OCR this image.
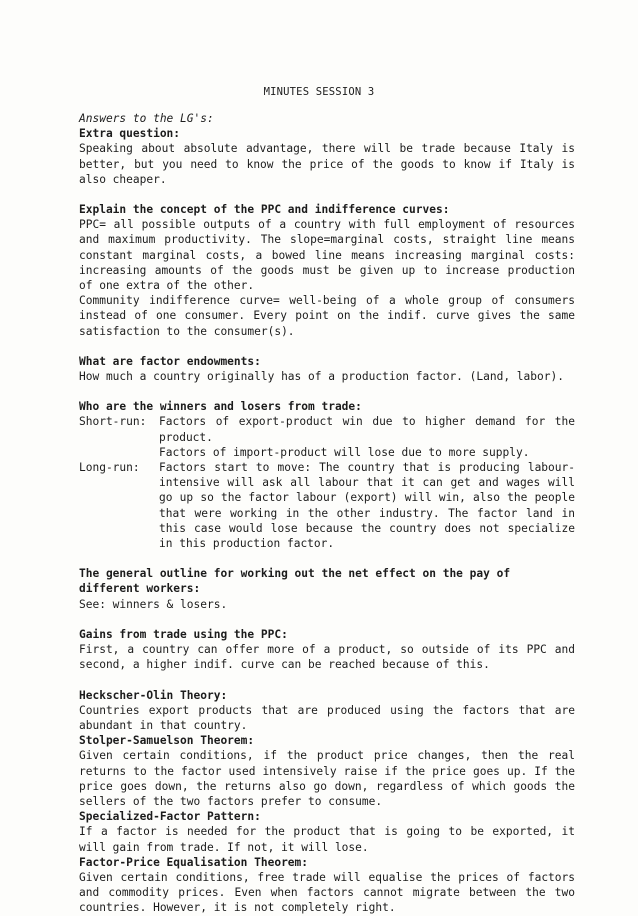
MINUTES SESSION 3

Answers to the LG's:

Extra question:

Speaking about absolute advantage, there will be trade because Italy is better, but you need to know the price of the goods to know if Italy is also cheaper.

Explain the concept of the PPC and indifference curves:

PPC= all possible outputs of a country with full employment of resources and maximum productivity. The slope=marginal costs, straight line means constant marginal costs, a bowed line means increasing marginal costs: increasing amounts of the goods must be given up to increase production of one extra of the other.

Community indifference curve= well-being of a whole group of consumers instead of one consumer. Every point on the indif. curve gives the same satisfaction to the consumer(s).

What are factor endowments:

How much a country originally has of a production factor. (Land, labor).

Who are the winners and losers from trade:

Short-run:	Factors of export-product win due to higher demand for the product.

Factors of import-product will lose due to more supply.

Long-run:	Factors start to move: The country that is producing labour-intensive will ask all labour that it can get and wages will go up so the factor labour (export) will win, also the people that were working in the other industry. The factor land in this case would lose because the country does not specialize in this production factor.

The general outline for working out the net effect on the pay of different workers:

See: winners & losers.

Gains from trade using the PPC:

First, a country can offer more of a product, so outside of its PPC and second, a higher indif. curve can be reached because of this.

Heckscher-Olin Theory:

Countries export products that are produced using the factors that are abundant in that country.

Stolper-Samuelson Theorem:

Given certain conditions, if the product price changes, then the real returns to the factor used intensively raise if the price goes up. If the price goes down, the returns also go down, regardless of which goods the sellers of the two factors prefer to consume.

Specialized-Factor Pattern:

If a factor is needed for the product that is going to be exported, it will gain from trade. If not, it will lose.

Factor-Price Equalisation Theorem:

Given certain conditions, free trade will equalise the prices of factors and commodity prices. Even when factors cannot migrate between the two countries. However, it is not completely right.
